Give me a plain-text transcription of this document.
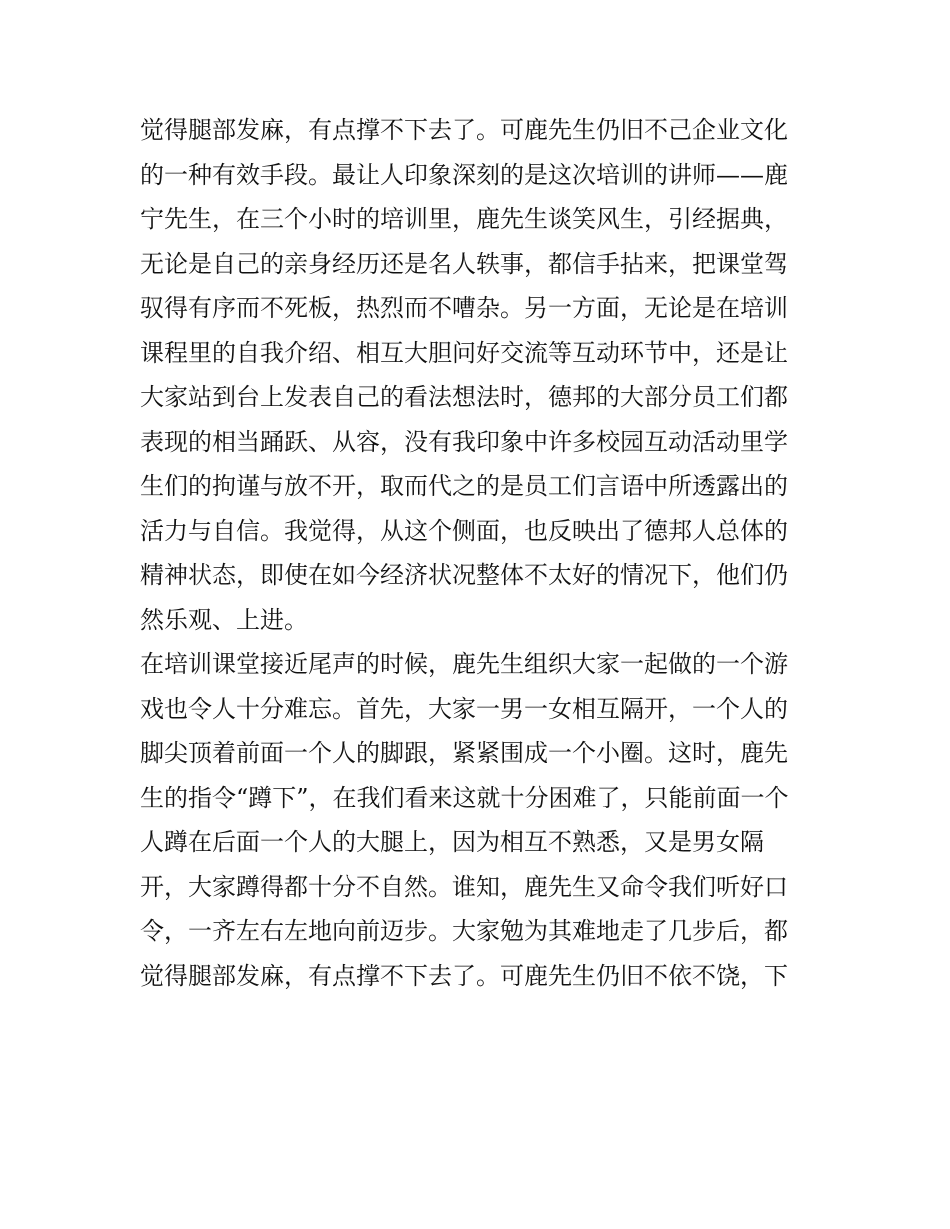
觉得腿部发麻，有点撑不下去了。可鹿先生仍旧不己企业文化
的一种有效手段。最让人印象深刻的是这次培训的讲师——鹿
宁先生，在三个小时的培训里，鹿先生谈笑风生，引经据典，
无论是自己的亲身经历还是名人轶事，都信手拈来，把课堂驾
驭得有序而不死板，热烈而不嘈杂。另一方面，无论是在培训
课程里的自我介绍、相互大胆问好交流等互动环节中，还是让
大家站到台上发表自己的看法想法时，德邦的大部分员工们都
表现的相当踊跃、从容，没有我印象中许多校园互动活动里学
生们的拘谨与放不开，取而代之的是员工们言语中所透露出的
活力与自信。我觉得，从这个侧面，也反映出了德邦人总体的
精神状态，即使在如今经济状况整体不太好的情况下，他们仍
然乐观、上进。
在培训课堂接近尾声的时候，鹿先生组织大家一起做的一个游
戏也令人十分难忘。首先，大家一男一女相互隔开，一个人的
脚尖顶着前面一个人的脚跟，紧紧围成一个小圈。这时，鹿先
生的指令“蹲下”，在我们看来这就十分困难了，只能前面一个
人蹲在后面一个人的大腿上，因为相互不熟悉，又是男女隔
开，大家蹲得都十分不自然。谁知，鹿先生又命令我们听好口
令，一齐左右左地向前迈步。大家勉为其难地走了几步后，都
觉得腿部发麻，有点撑不下去了。可鹿先生仍旧不依不饶，下
